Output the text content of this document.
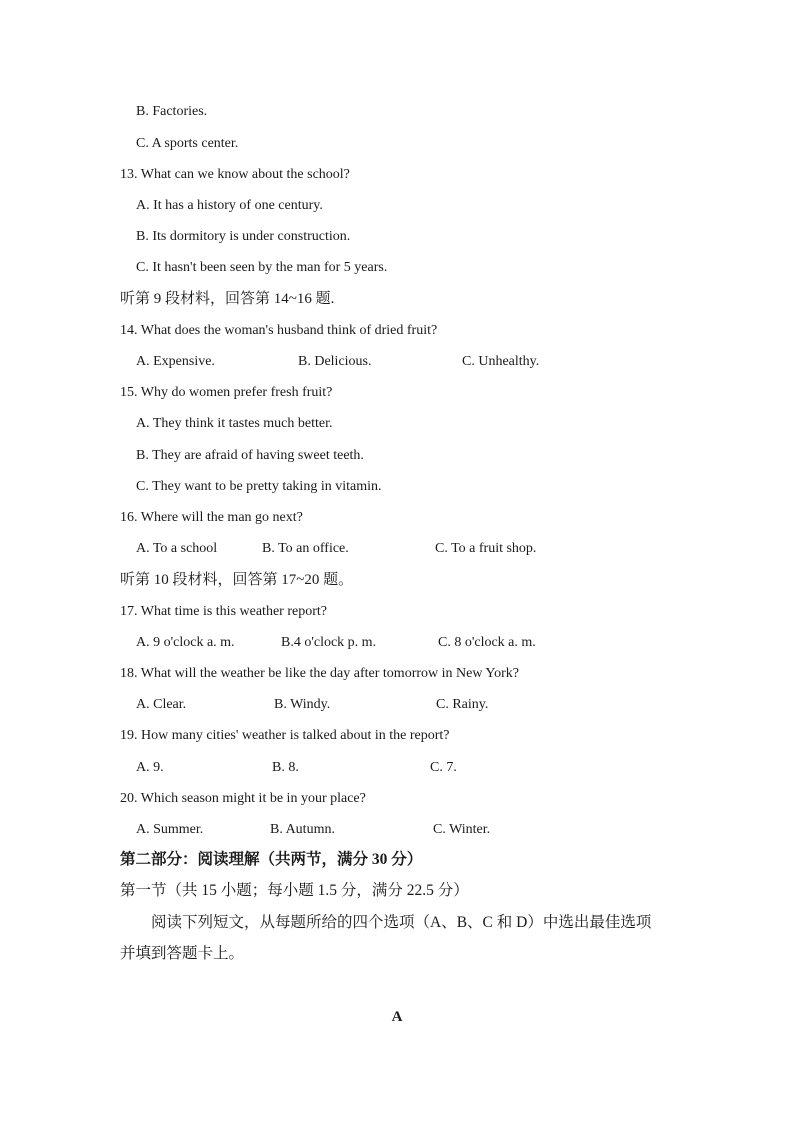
B. Factories.
C. A sports center.
13. What can we know about the school?
A. It has a history of one century.
B. Its dormitory is under construction.
C. It hasn't been seen by the man for 5 years.
听第 9 段材料，回答第 14~16 题.
14. What does the woman's husband think of dried fruit?
A. Expensive.	B. Delicious.	C. Unhealthy.
15. Why do women prefer fresh fruit?
A. They think it tastes much better.
B. They are afraid of having sweet teeth.
C. They want to be pretty taking in vitamin.
16. Where will the man go next?
A. To a school	B. To an office.	C. To a fruit shop.
听第 10 段材料，回答第 17~20 题。
17. What time is this weather report?
A. 9 o'clock a. m.	B.4 o'clock p. m.	C. 8 o'clock a. m.
18. What will the weather be like the day after tomorrow in New York?
A. Clear.	B. Windy.	C. Rainy.
19. How many cities' weather is talked about in the report?
A. 9.	B. 8.	C. 7.
20. Which season might it be in your place?
A. Summer.	B. Autumn.	C. Winter.
第二部分：阅读理解（共两节，满分 30 分）
第一节（共 15 小题；每小题 1.5 分，满分 22.5 分）
阅读下列短文，从每题所给的四个选项（A、B、C 和 D）中选出最佳选项
并填到答题卡上。
A
